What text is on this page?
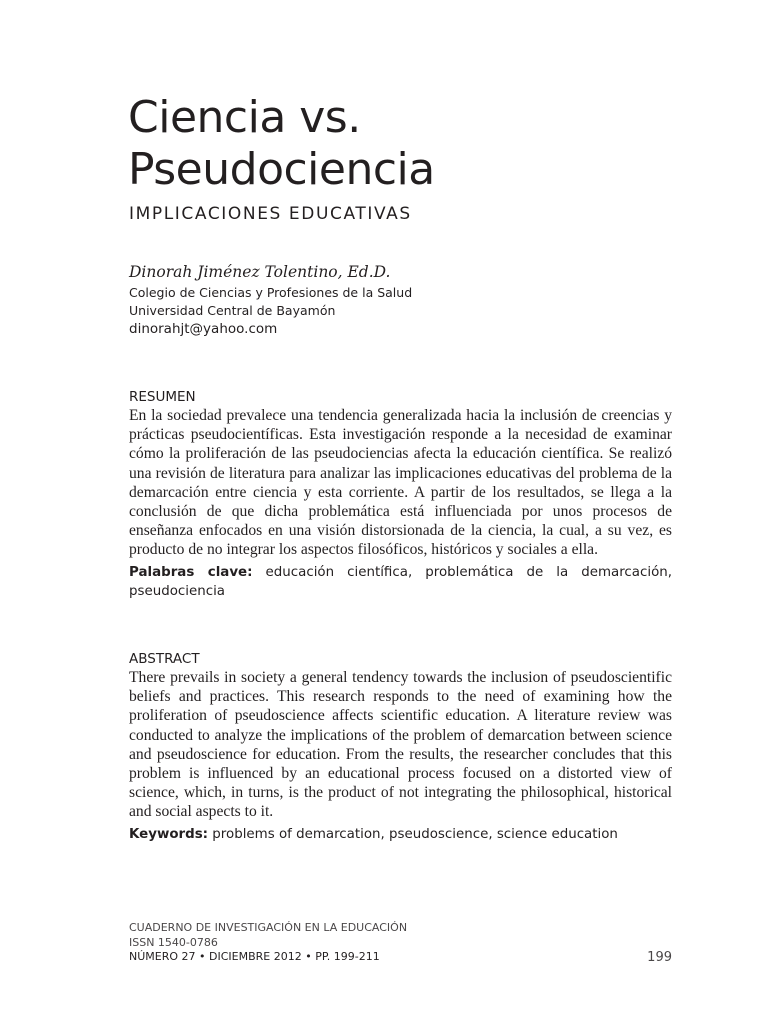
Ciencia vs.
Pseudociencia
IMPLICACIONES EDUCATIVAS

Dinorah Jiménez Tolentino, Ed.D.

Colegio de Ciencias y Profesiones de la Salud

Universidad Central de Bayamón

dinorahjt@yahoo.com

RESUMEN

En la sociedad prevalece una tendencia generalizada hacia la inclusión de creencias y prácticas pseudocientíficas. Esta investigación responde a la necesidad de examinar cómo la proliferación de las pseudociencias afecta la educación científica. Se realizó una revisión de literatura para analizar las implicaciones educativas del problema de la demarcación entre ciencia y esta corriente. A partir de los resultados, se llega a la conclusión de que dicha problemática está influenciada por unos procesos de enseñanza enfocados en una visión distorsionada de la ciencia, la cual, a su vez, es producto de no integrar los aspectos filosóficos, históricos y sociales a ella.

Palabras clave: educación científica, problemática de la demarcación, pseudociencia

ABSTRACT

There prevails in society a general tendency towards the inclusion of pseudoscientific beliefs and practices. This research responds to the need of examining how the proliferation of pseudoscience affects scientific education. A literature review was conducted to analyze the implications of the problem of demarcation between science and pseudoscience for education. From the results, the researcher concludes that this problem is influenced by an educational process focused on a distorted view of science, which, in turns, is the product of not integrating the philosophical, historical and social aspects to it.

Keywords: problems of demarcation, pseudoscience, science education

CUADERNO DE INVESTIGACIÓN EN LA EDUCACIÓN

ISSN 1540-0786

NÚMERO 27 • DICIEMBRE 2012 • PP. 199-211	199
